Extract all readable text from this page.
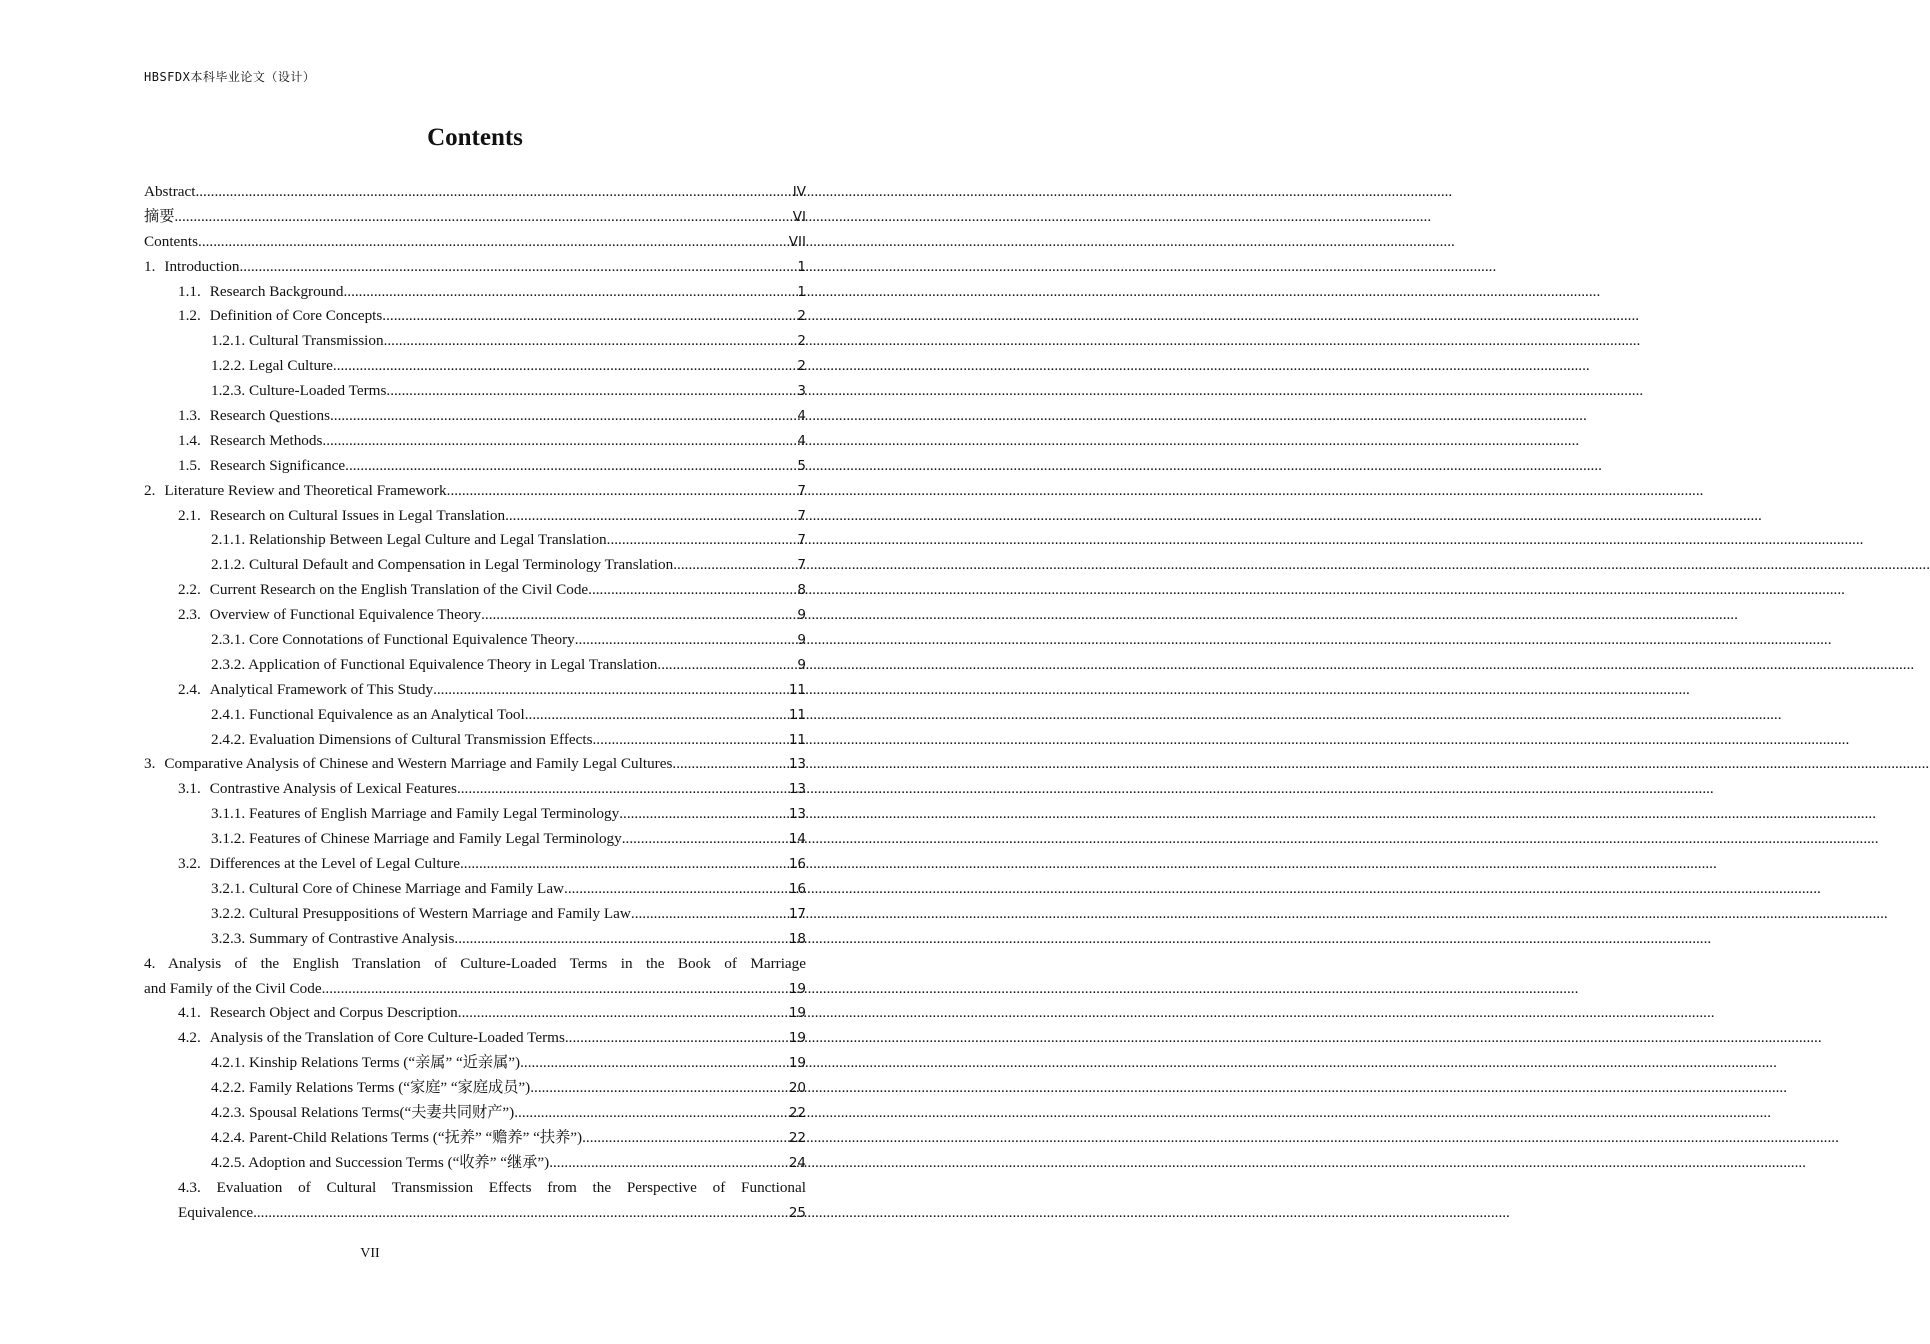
HBSFDX本科毕业论文（设计）
Contents
Abstract .....	IV
摘要 .....	VI
Contents .....	VII
1. Introduction .....	1
1.1. Research Background .....	1
1.2. Definition of Core Concepts .....	2
1.2.1. Cultural Transmission .....	2
1.2.2. Legal Culture .....	2
1.2.3. Culture-Loaded Terms .....	3
1.3. Research Questions .....	4
1.4. Research Methods .....	4
1.5. Research Significance .....	5
2. Literature Review and Theoretical Framework .....	7
2.1. Research on Cultural Issues in Legal Translation .....	7
2.1.1. Relationship Between Legal Culture and Legal Translation .....	7
2.1.2. Cultural Default and Compensation in Legal Terminology Translation .....	7
2.2. Current Research on the English Translation of the Civil Code .....	8
2.3. Overview of Functional Equivalence Theory .....	9
2.3.1. Core Connotations of Functional Equivalence Theory .....	9
2.3.2. Application of Functional Equivalence Theory in Legal Translation .....	9
2.4. Analytical Framework of This Study .....	11
2.4.1. Functional Equivalence as an Analytical Tool .....	11
2.4.2. Evaluation Dimensions of Cultural Transmission Effects .....	11
3. Comparative Analysis of Chinese and Western Marriage and Family Legal Cultures .....	13
3.1. Contrastive Analysis of Lexical Features .....	13
3.1.1. Features of English Marriage and Family Legal Terminology .....	13
3.1.2. Features of Chinese Marriage and Family Legal Terminology .....	14
3.2. Differences at the Level of Legal Culture .....	16
3.2.1. Cultural Core of Chinese Marriage and Family Law .....	16
3.2.2. Cultural Presuppositions of Western Marriage and Family Law .....	17
3.2.3. Summary of Contrastive Analysis .....	18
4. Analysis of the English Translation of Culture-Loaded Terms in the Book of Marriage
and Family of the Civil Code .....	19
4.1. Research Object and Corpus Description .....	19
4.2. Analysis of the Translation of Core Culture-Loaded Terms .....	19
4.2.1. Kinship Relations Terms (“亲属” “近亲属”) .....	19
4.2.2. Family Relations Terms (“家庭” “家庭成员”) .....	20
4.2.3. Spousal Relations Terms(“夫妻共同财产”) .....	22
4.2.4. Parent-Child Relations Terms (“抚养” “赡养” “扶养”) .....	22
4.2.5. Adoption and Succession Terms (“收养” “继承”) .....	24
4.3. Evaluation of Cultural Transmission Effects from the Perspective of Functional
Equivalence .....	25
VII
